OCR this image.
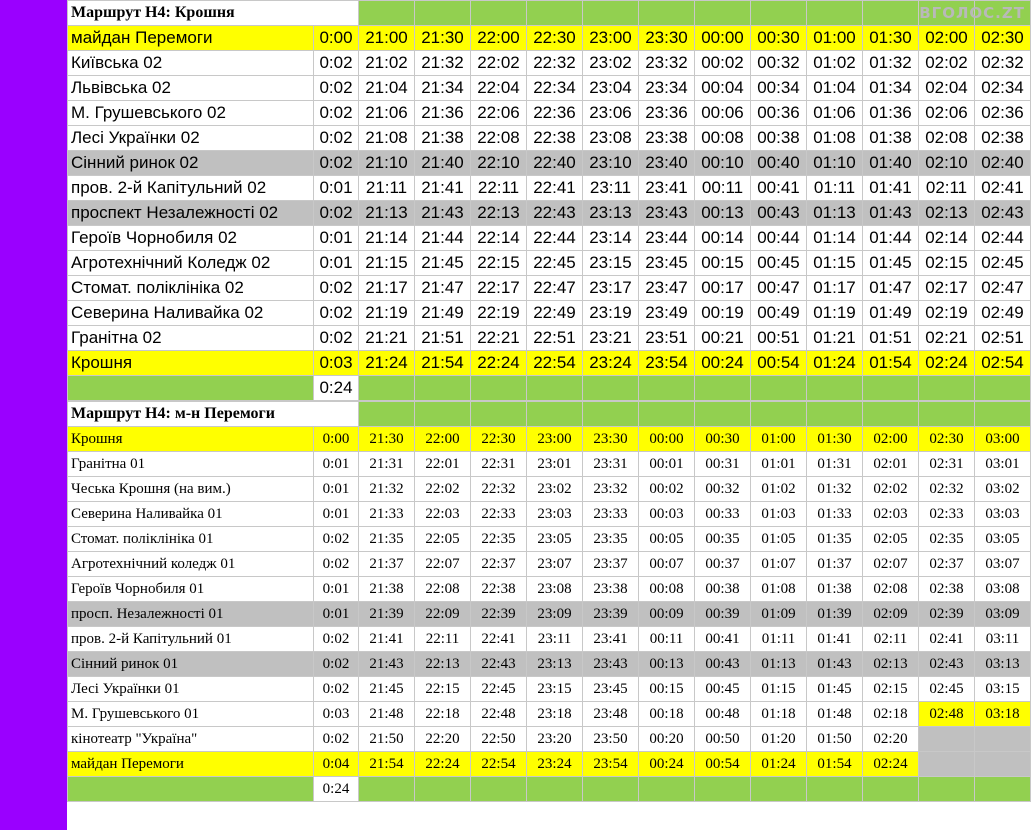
Маршрут Н4: Крошня													
майдан Перемоги	0:00	21:00	21:30	22:00	22:30	23:00	23:30	00:00	00:30	01:00	01:30	02:00	02:30
Київська 02	0:02	21:02	21:32	22:02	22:32	23:02	23:32	00:02	00:32	01:02	01:32	02:02	02:32
Львівська 02	0:02	21:04	21:34	22:04	22:34	23:04	23:34	00:04	00:34	01:04	01:34	02:04	02:34
М. Грушевського 02	0:02	21:06	21:36	22:06	22:36	23:06	23:36	00:06	00:36	01:06	01:36	02:06	02:36
Лесі Українки 02	0:02	21:08	21:38	22:08	22:38	23:08	23:38	00:08	00:38	01:08	01:38	02:08	02:38
Сінний ринок 02	0:02	21:10	21:40	22:10	22:40	23:10	23:40	00:10	00:40	01:10	01:40	02:10	02:40
пров. 2-й Капітульний 02	0:01	21:11	21:41	22:11	22:41	23:11	23:41	00:11	00:41	01:11	01:41	02:11	02:41
проспект Незалежності 02	0:02	21:13	21:43	22:13	22:43	23:13	23:43	00:13	00:43	01:13	01:43	02:13	02:43
Героїв Чорнобиля 02	0:01	21:14	21:44	22:14	22:44	23:14	23:44	00:14	00:44	01:14	01:44	02:14	02:44
Агротехнічний Коледж 02	0:01	21:15	21:45	22:15	22:45	23:15	23:45	00:15	00:45	01:15	01:45	02:15	02:45
Стомат. поліклініка 02	0:02	21:17	21:47	22:17	22:47	23:17	23:47	00:17	00:47	01:17	01:47	02:17	02:47
Северина Наливайка 02	0:02	21:19	21:49	22:19	22:49	23:19	23:49	00:19	00:49	01:19	01:49	02:19	02:49
Гранітна 02	0:02	21:21	21:51	22:21	22:51	23:21	23:51	00:21	00:51	01:21	01:51	02:21	02:51
Крошня	0:03	21:24	21:54	22:24	22:54	23:24	23:54	00:24	00:54	01:24	01:54	02:24	02:54
	0:24												
Маршрут Н4: м-н Перемоги													
Крошня	0:00	21:30	22:00	22:30	23:00	23:30	00:00	00:30	01:00	01:30	02:00	02:30	03:00
Гранітна 01	0:01	21:31	22:01	22:31	23:01	23:31	00:01	00:31	01:01	01:31	02:01	02:31	03:01
Чеська Крошня (на вим.)	0:01	21:32	22:02	22:32	23:02	23:32	00:02	00:32	01:02	01:32	02:02	02:32	03:02
Северина Наливайка 01	0:01	21:33	22:03	22:33	23:03	23:33	00:03	00:33	01:03	01:33	02:03	02:33	03:03
Стомат. поліклініка 01	0:02	21:35	22:05	22:35	23:05	23:35	00:05	00:35	01:05	01:35	02:05	02:35	03:05
Агротехнічний коледж 01	0:02	21:37	22:07	22:37	23:07	23:37	00:07	00:37	01:07	01:37	02:07	02:37	03:07
Героїв Чорнобиля 01	0:01	21:38	22:08	22:38	23:08	23:38	00:08	00:38	01:08	01:38	02:08	02:38	03:08
просп. Незалежності 01	0:01	21:39	22:09	22:39	23:09	23:39	00:09	00:39	01:09	01:39	02:09	02:39	03:09
пров. 2-й Капітульний 01	0:02	21:41	22:11	22:41	23:11	23:41	00:11	00:41	01:11	01:41	02:11	02:41	03:11
Сінний ринок 01	0:02	21:43	22:13	22:43	23:13	23:43	00:13	00:43	01:13	01:43	02:13	02:43	03:13
Лесі Українки 01	0:02	21:45	22:15	22:45	23:15	23:45	00:15	00:45	01:15	01:45	02:15	02:45	03:15
М. Грушевського 01	0:03	21:48	22:18	22:48	23:18	23:48	00:18	00:48	01:18	01:48	02:18	02:48	03:18
кінотеатр "Україна"	0:02	21:50	22:20	22:50	23:20	23:50	00:20	00:50	01:20	01:50	02:20		
майдан Перемоги	0:04	21:54	22:24	22:54	23:24	23:54	00:24	00:54	01:24	01:54	02:24		
	0:24												
ВГОЛОС.ZT
